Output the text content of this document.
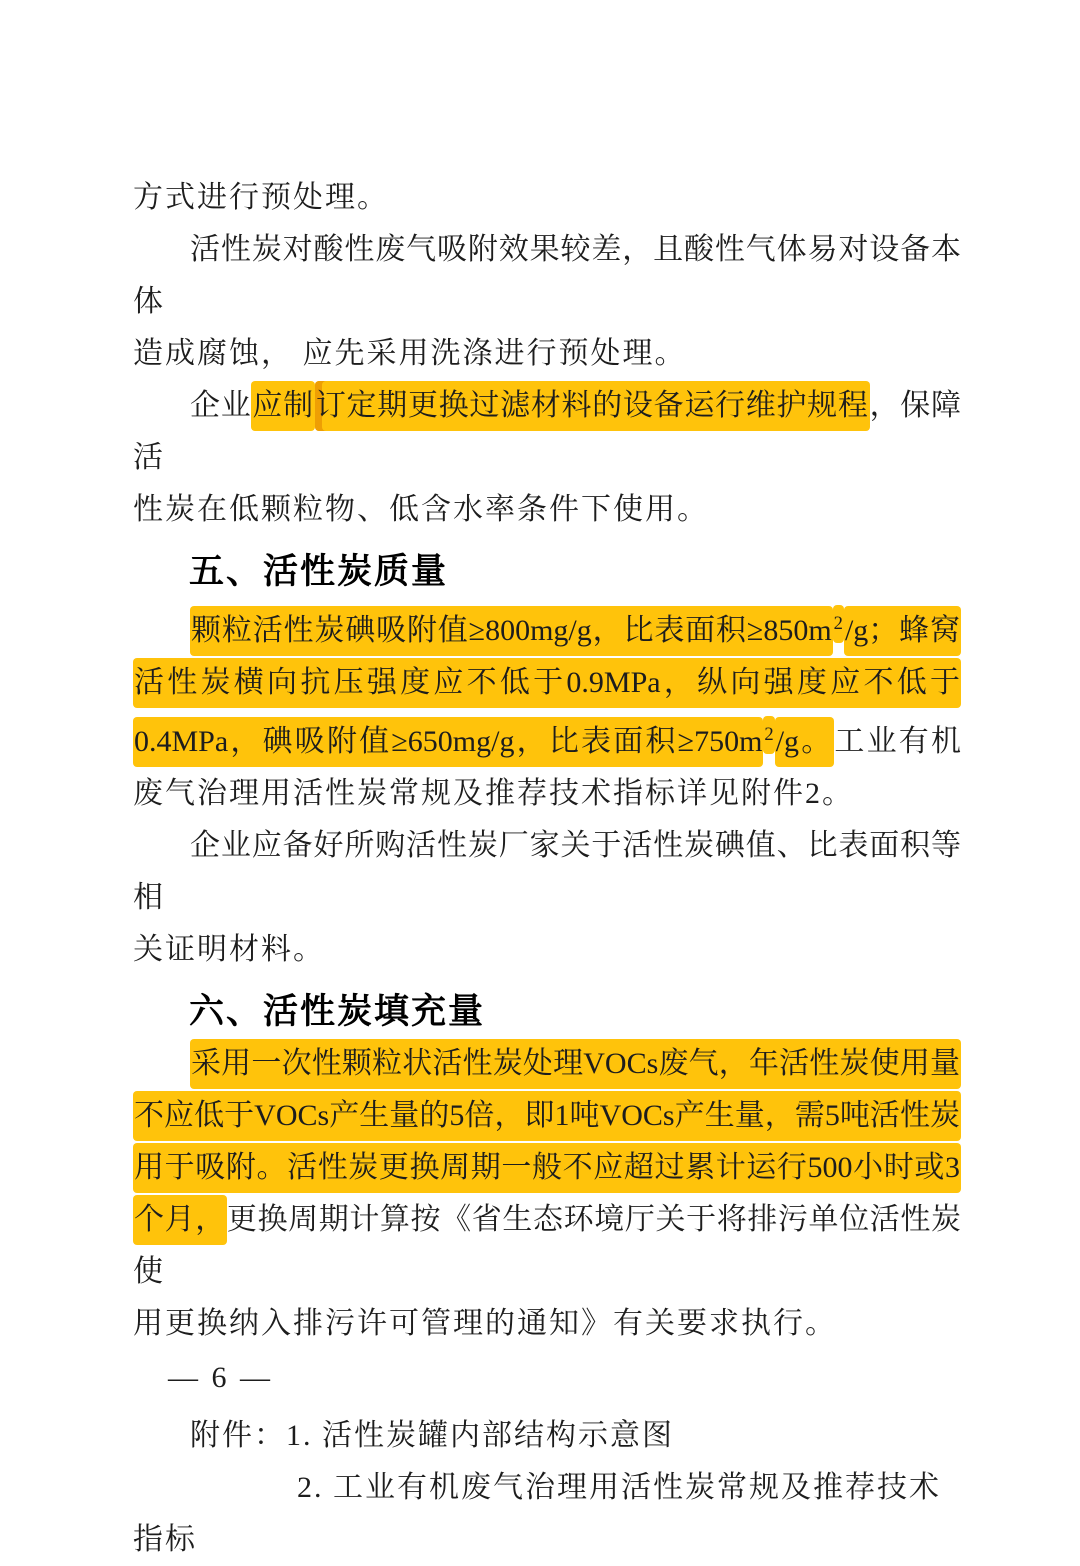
方式进行预处理。
活性炭对酸性废气吸附效果较差，且酸性气体易对设备本体
造成腐蚀， 应先采用洗涤进行预处理。
企业应制订定期更换过滤材料的设备运行维护规程，保障活
性炭在低颗粒物、低含水率条件下使用。
五、活性炭质量
颗粒活性炭碘吸附值≥800mg/g，比表面积≥850m $^2$/g；蜂窝
活性炭横向抗压强度应不低于0.9MPa，纵向强度应不低于
0.4MPa，碘吸附值≥650mg/g，比表面积≥750m $^2$/g。工业有机
废气治理用活性炭常规及推荐技术指标详见附件2。
企业应备好所购活性炭厂家关于活性炭碘值、比表面积等相
关证明材料。
六、活性炭填充量
采用一次性颗粒状活性炭处理VOCs废气，年活性炭使用量
不应低于VOCs产生量的5倍，即1吨VOCs产生量，需5吨活性炭
用于吸附。活性炭更换周期一般不应超过累计运行500小时或3
个月，更换周期计算按《省生态环境厅关于将排污单位活性炭使
用更换纳入排污许可管理的通知》有关要求执行。
附件：1. 活性炭罐内部结构示意图
2. 工业有机废气治理用活性炭常规及推荐技术指标
— 6 —
